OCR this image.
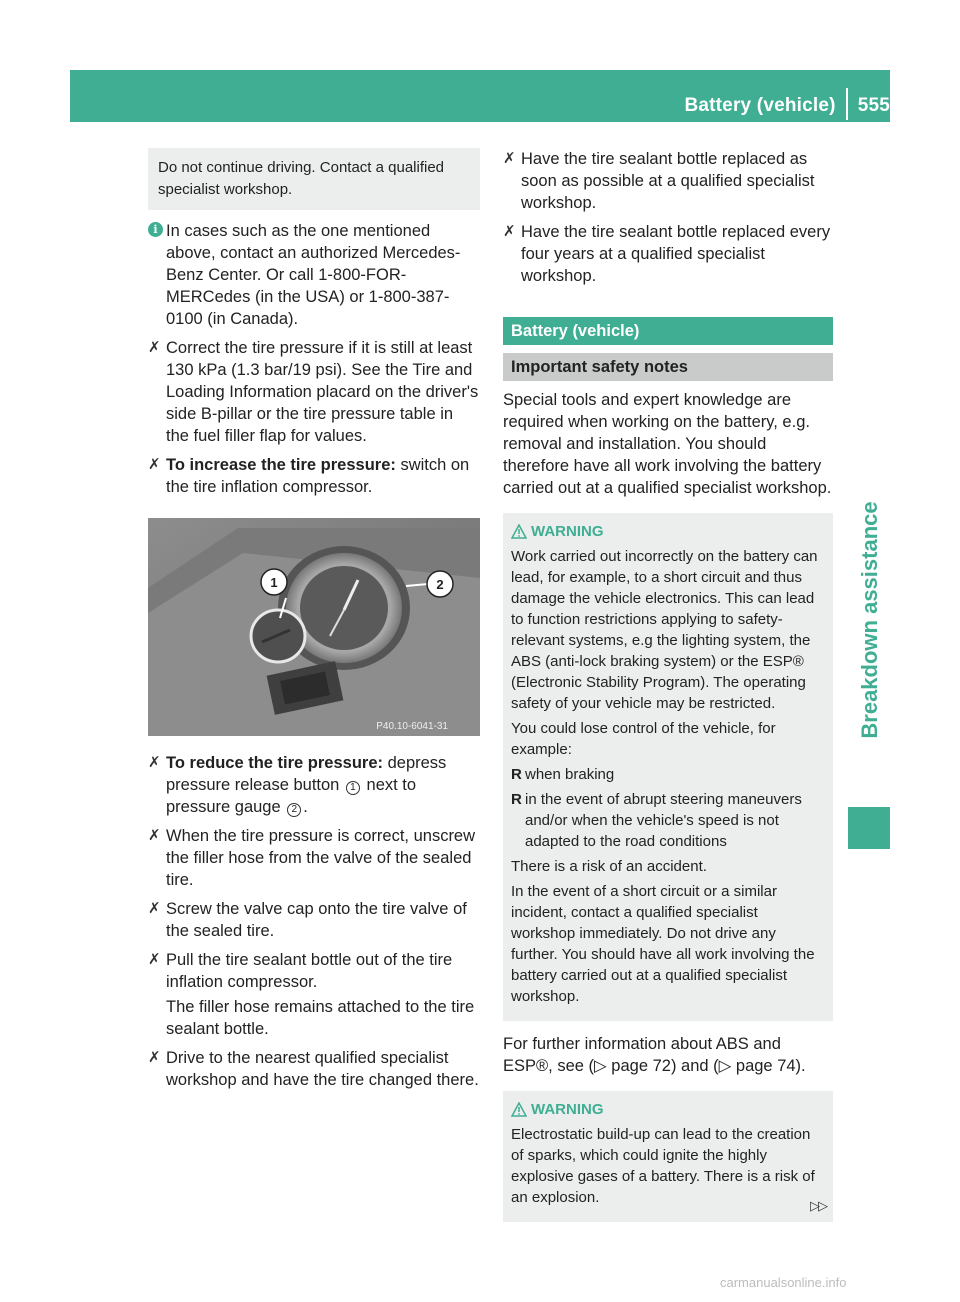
Battery (vehicle) 555
Breakdown assistance
Do not continue driving. Contact a qualified specialist workshop.
i In cases such as the one mentioned above, contact an authorized Mercedes-Benz Center. Or call 1-800-FOR-MERCedes (in the USA) or 1-800-387-0100 (in Canada).
✗ Correct the tire pressure if it is still at least 130 kPa (1.3 bar/19 psi). See the Tire and Loading Information placard on the driver's side B-pillar or the tire pressure table in the fuel filler flap for values.
✗ To increase the tire pressure: switch on the tire inflation compressor.
1	2
P40.10-6041-31
✗ To reduce the tire pressure: depress pressure release button 1 next to pressure gauge 2 .
✗ When the tire pressure is correct, unscrew the filler hose from the valve of the sealed tire.
✗ Screw the valve cap onto the tire valve of the sealed tire.
✗ Pull the tire sealant bottle out of the tire inflation compressor.
The filler hose remains attached to the tire sealant bottle.
✗ Drive to the nearest qualified specialist workshop and have the tire changed there.
✗ Have the tire sealant bottle replaced as soon as possible at a qualified specialist workshop.
✗ Have the tire sealant bottle replaced every four years at a qualified specialist workshop.
Battery (vehicle)
Important safety notes
Special tools and expert knowledge are required when working on the battery, e.g. removal and installation. You should therefore have all work involving the battery carried out at a qualified specialist workshop.
WARNING

Work carried out incorrectly on the battery can lead, for example, to a short circuit and thus damage the vehicle electronics. This can lead to function restrictions applying to safety-relevant systems, e.g the lighting system, the ABS (anti-lock braking system) or the ESP® (Electronic Stability Program). The operating safety of your vehicle may be restricted.

You could lose control of the vehicle, for example:

R when braking
R in the event of abrupt steering maneuvers and/or when the vehicle's speed is not adapted to the road conditions

There is a risk of an accident.

In the event of a short circuit or a similar incident, contact a qualified specialist workshop immediately. Do not drive any further. You should have all work involving the battery carried out at a qualified specialist workshop.

For further information about ABS and ESP®, see (▷ page 72) and (▷ page 74).
WARNING

Electrostatic build-up can lead to the creation of sparks, which could ignite the highly explosive gases of a battery. There is a risk of an explosion.	▷▷
carmanualsonline.info
